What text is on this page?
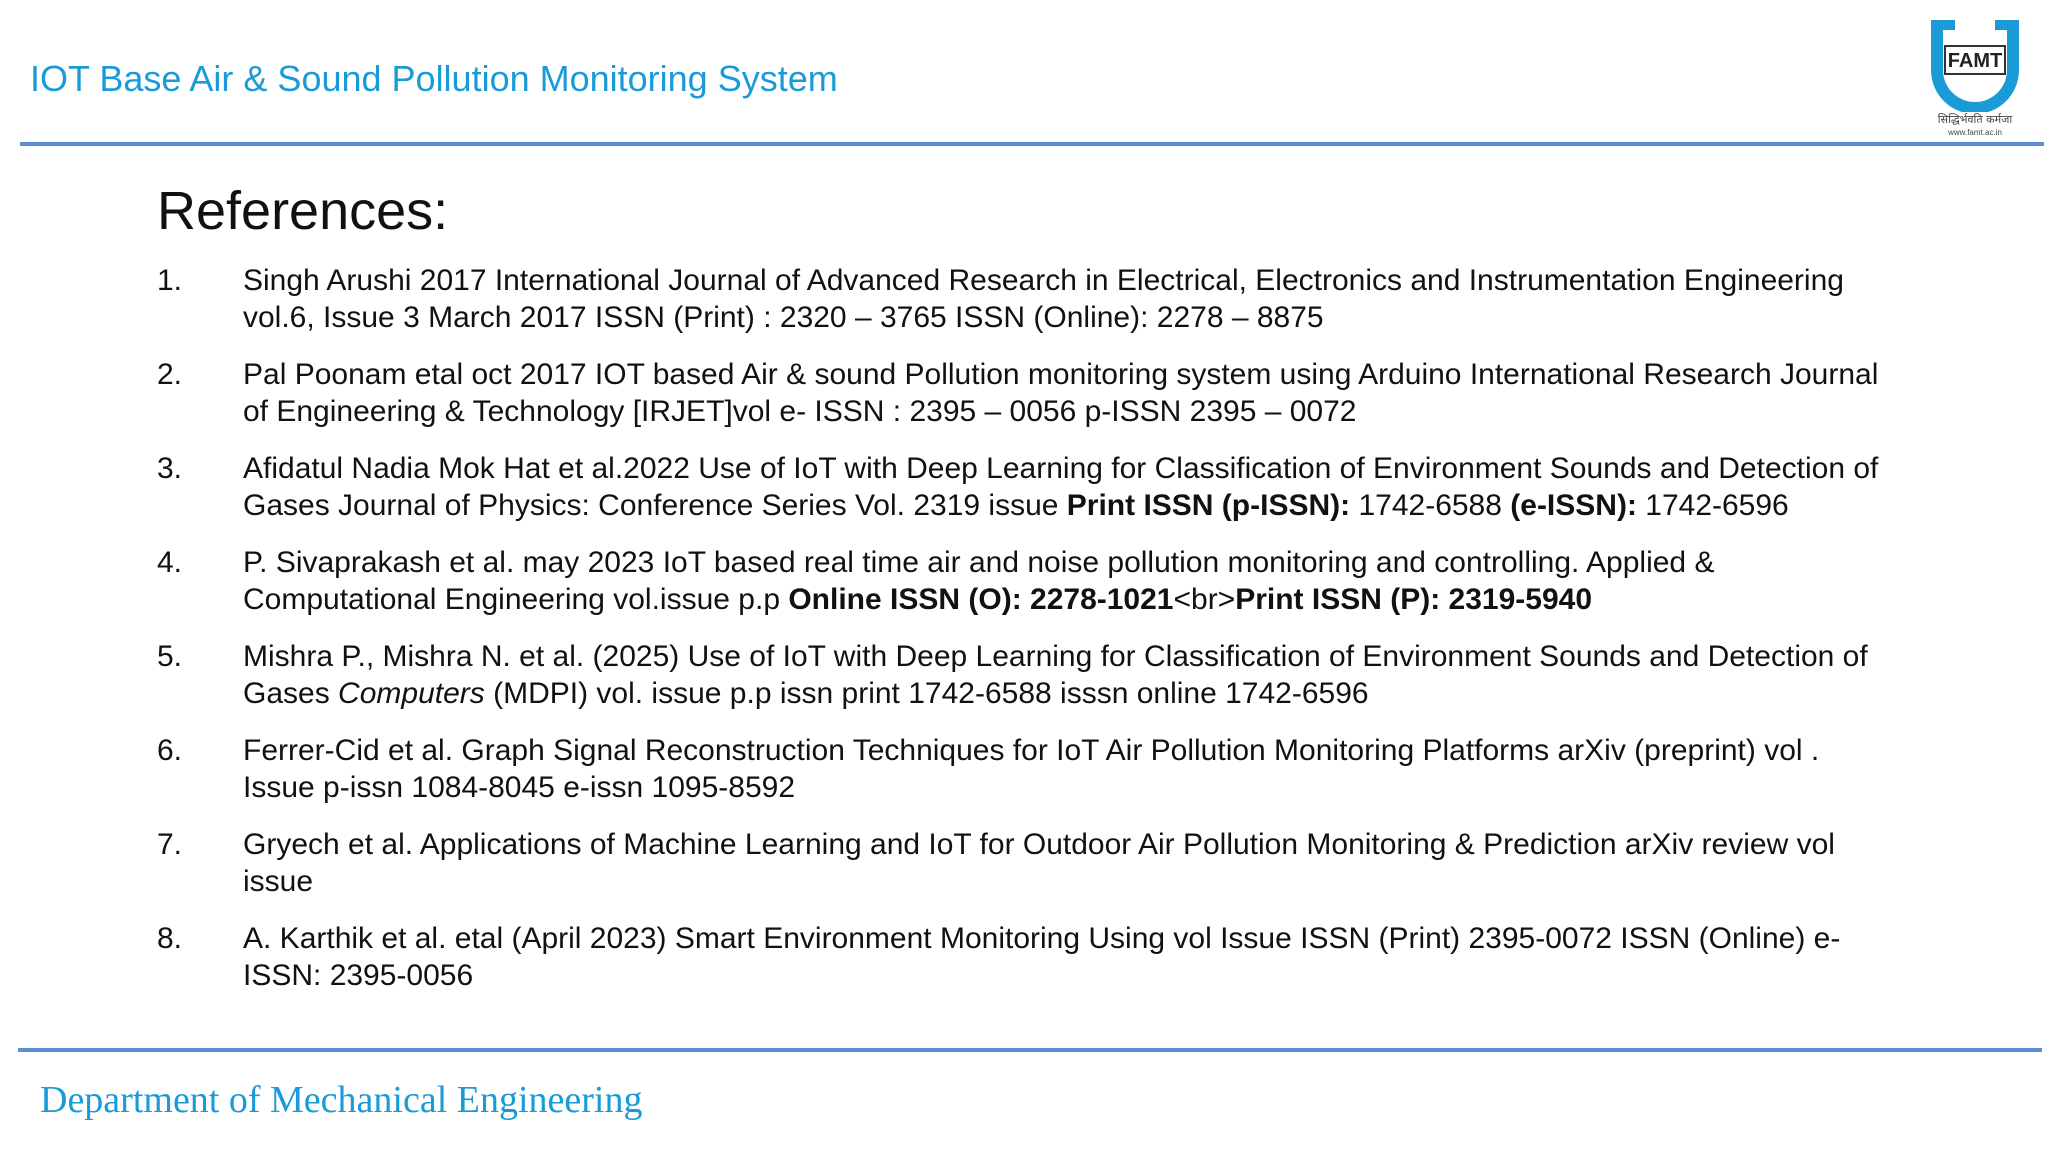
IOT Base Air & Sound Pollution Monitoring System	FAMT
सिद्धिर्भवति कर्मजा
www.famt.ac.in
References:
1.	Singh Arushi 2017 International Journal of Advanced Research in Electrical, Electronics and Instrumentation Engineering vol.6, Issue 3 March 2017 ISSN (Print) : 2320 – 3765 ISSN (Online): 2278 – 8875
2.	Pal Poonam etal oct 2017 IOT based Air & sound Pollution monitoring system using Arduino International Research Journal of Engineering & Technology [IRJET]vol e- ISSN : 2395 – 0056 p-ISSN 2395 – 0072
3.	Afidatul Nadia Mok Hat et al.2022 Use of IoT with Deep Learning for Classification of Environment Sounds and Detection of Gases Journal of Physics: Conference Series Vol. 2319 issue Print ISSN (p-ISSN): 1742-6588 (e-ISSN): 1742-6596
4.	P. Sivaprakash et al. may 2023 IoT based real time air and noise pollution monitoring and controlling. Applied & Computational Engineering vol.issue p.p Online ISSN (O): 2278-1021<br>Print ISSN (P): 2319-5940
5.	Mishra P., Mishra N. et al. (2025) Use of IoT with Deep Learning for Classification of Environment Sounds and Detection of Gases Computers (MDPI) vol. issue p.p issn print 1742-6588 isssn online 1742-6596
6.	Ferrer-Cid et al. Graph Signal Reconstruction Techniques for IoT Air Pollution Monitoring Platforms arXiv (preprint) vol . Issue p-issn 1084-8045 e-issn 1095-8592
7.	Gryech et al. Applications of Machine Learning and IoT for Outdoor Air Pollution Monitoring & Prediction arXiv review vol issue
8.	A. Karthik et al. etal (April 2023) Smart Environment Monitoring Using vol Issue ISSN (Print) 2395-0072 ISSN (Online) e-ISSN: 2395-0056
Department of Mechanical Engineering
